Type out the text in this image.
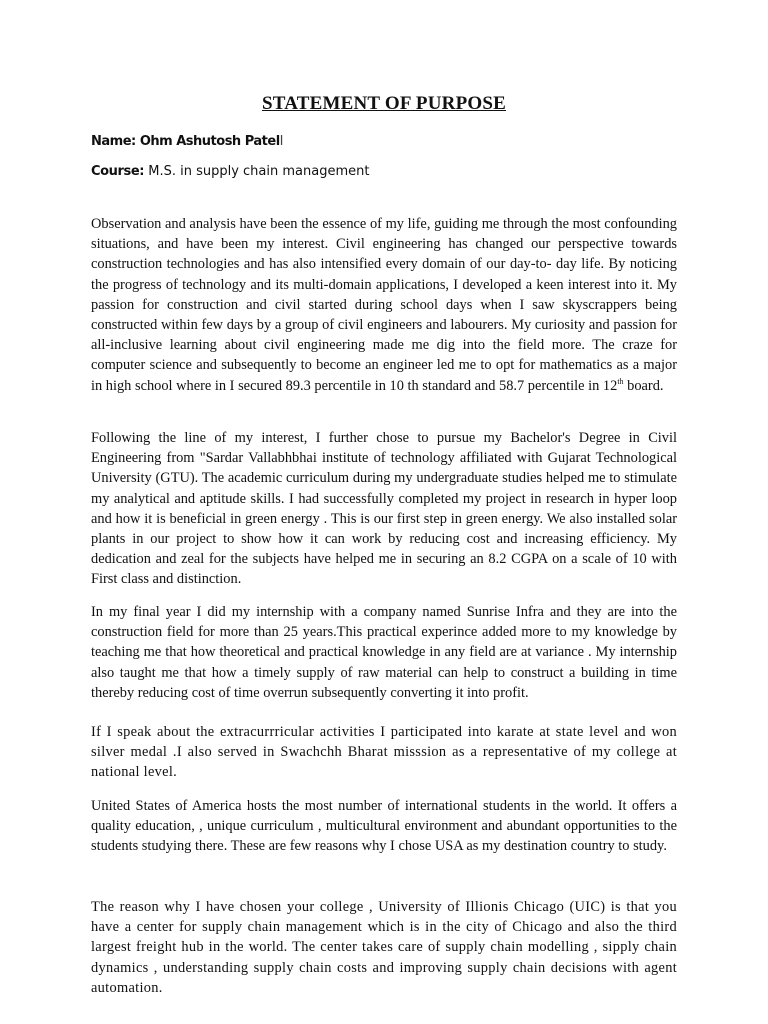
STATEMENT OF PURPOSE

Name: Ohm Ashutosh PatelI

Course: M.S. in supply chain management

Observation and analysis have been the essence of my life, guiding me through the most confounding situations, and have been my interest. Civil engineering has changed our perspective towards construction technologies and has also intensified every domain of our day-to- day life. By noticing the progress of technology and its multi-domain applications, I developed a keen interest into it. My passion for construction and civil started during school days when I saw skyscrappers being constructed within few days by a group of civil engineers and labourers. My curiosity and passion for all-inclusive learning about civil engineering made me dig into the field more. The craze for computer science and subsequently to become an engineer led me to opt for mathematics as a major in high school where in I secured 89.3 percentile in 10 th standard and 58.7 percentile in 12th board.

Following the line of my interest, I further chose to pursue my Bachelor's Degree in Civil Engineering from "Sardar Vallabhbhai institute of technology affiliated with Gujarat Technological University (GTU). The academic curriculum during my undergraduate studies helped me to stimulate my analytical and aptitude skills. I had successfully completed my project in research in hyper loop and how it is beneficial in green energy . This is our first step in green energy. We also installed solar plants in our project to show how it can work by reducing cost and increasing efficiency. My dedication and zeal for the subjects have helped me in securing an 8.2 CGPA on a scale of 10 with First class and distinction.

In my final year I did my internship with a company named Sunrise Infra and they are into the construction field for more than 25 years.This practical experince added more to my knowledge by teaching me that how theoretical and practical knowledge in any field are at variance . My internship also taught me that how a timely supply of raw material can help to construct a building in time thereby reducing cost of time overrun subsequently converting it into profit.

If I speak about the extracurrricular activities I participated into karate at state level and won silver medal .I also served in Swachchh Bharat misssion as a representative of my college at national level.

United States of America hosts the most number of international students in the world. It offers a quality education, , unique curriculum , multicultural environment and abundant opportunities to the students studying there. These are few reasons why I chose USA as my destination country to study.

The reason why I have chosen your college , University of Illionis Chicago (UIC) is that you have a center for supply chain management which is in the city of Chicago and also the third largest freight hub in the world. The center takes care of supply chain modelling , sipply chain dynamics , understanding supply chain costs and improving supply chain decisions with agent automation.
